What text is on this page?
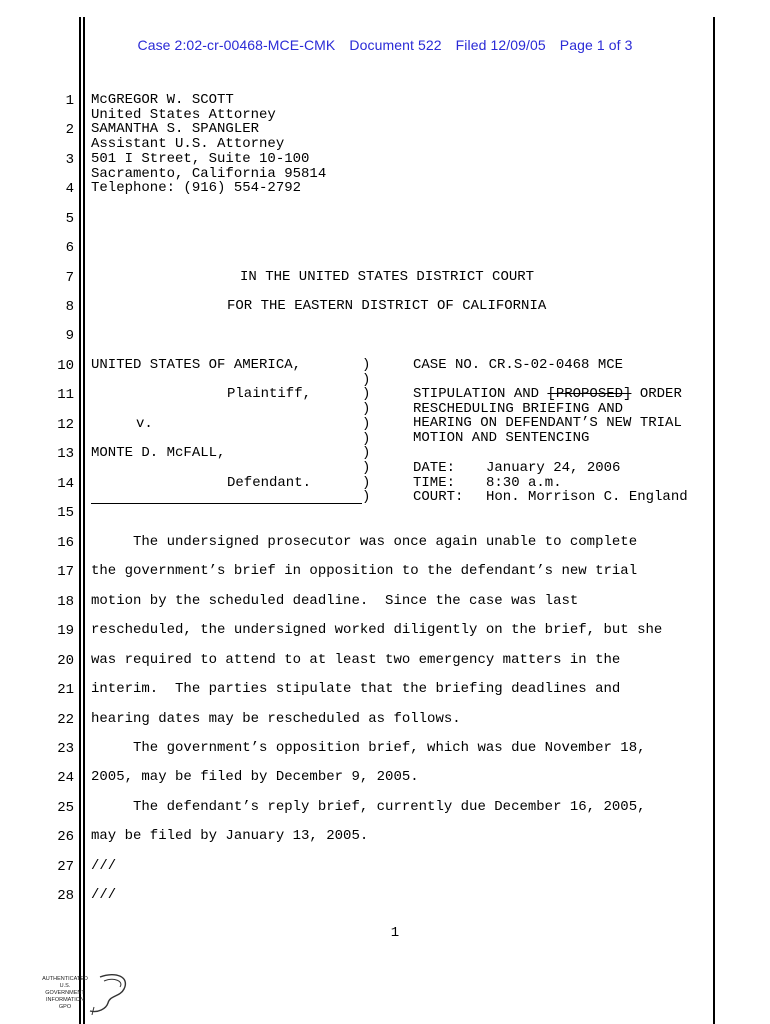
Case 2:02-cr-00468-MCE-CMK Document 522 Filed 12/09/05 Page 1 of 3
1
2
3
4
5
6
7
8
9
10
11
12
13
14
15
16
17
18
19
20
21
22
23
24
25
26
27
28
McGREGOR W. SCOTT
United States Attorney
SAMANTHA S. SPANGLER
Assistant U.S. Attorney
501 I Street, Suite 10-100
Sacramento, California 95814
Telephone: (916) 554-2792
IN THE UNITED STATES DISTRICT COURT
FOR THE EASTERN DISTRICT OF CALIFORNIA
UNITED STATES OF AMERICA,
Plaintiff,
v.
MONTE D. McFALL,
Defendant.
)
)
)
)
)
)
)
)
)
)
CASE NO. CR.S-02-0468 MCE
STIPULATION AND [PROPOSED] ORDER
RESCHEDULING BRIEFING AND
HEARING ON DEFENDANT’S NEW TRIAL
MOTION AND SENTENCING
DATE: January 24, 2006
TIME: 8:30 a.m.
COURT: Hon. Morrison C. England
The undersigned prosecutor was once again unable to complete
the government’s brief in opposition to the defendant’s new trial
motion by the scheduled deadline.  Since the case was last
rescheduled, the undersigned worked diligently on the brief, but she
was required to attend to at least two emergency matters in the
interim.  The parties stipulate that the briefing deadlines and
hearing dates may be rescheduled as follows.
The government’s opposition brief, which was due November 18,
2005, may be filed by December 9, 2005.
The defendant’s reply brief, currently due December 16, 2005,
may be filed by January 13, 2005.
///
///
1
AUTHENTICATED U.S. GOVERNMENT INFORMATION GPO
